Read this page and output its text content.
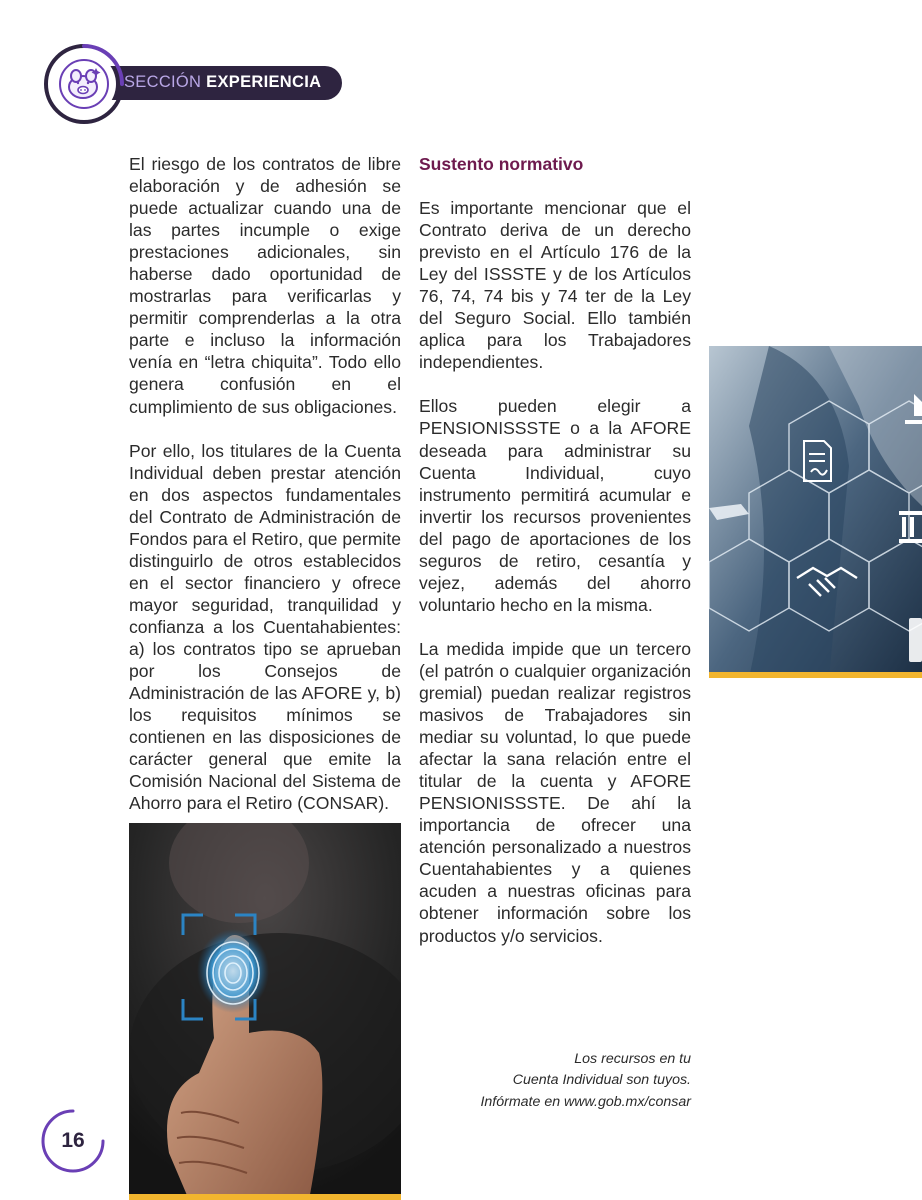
SECCIÓN EXPERIENCIA

El riesgo de los contratos de libre elaboración y de adhesión se puede actualizar cuando una de las partes incumple o exige prestaciones adicionales, sin haberse dado oportunidad de mostrarlas para verificarlas y permitir comprenderlas a la otra parte e incluso la información venía en “letra chiquita”. Todo ello genera confusión en el cumplimiento de sus obligaciones.

Por ello, los titulares de la Cuenta Individual deben prestar atención en dos aspectos fundamentales del Contrato de Administración de Fondos para el Retiro, que permite distinguirlo de otros establecidos en el sector financiero y ofrece mayor seguridad, tranquilidad y confianza a los Cuentahabientes: a) los contratos tipo se aprueban por los Consejos de Administración de las AFORE y, b) los requisitos mínimos se contienen en las disposiciones de carácter general que emite la Comisión Nacional del Sistema de Ahorro para el Retiro (CONSAR).

Sustento normativo

Es importante mencionar que el Contrato deriva de un derecho previsto en el Artículo 176 de la Ley del ISSSTE y de los Artículos 76, 74, 74 bis y 74 ter de la Ley del Seguro Social. Ello también aplica para los Trabajadores independientes.

Ellos pueden elegir a PENSIONISSSTE o a la AFORE deseada para administrar su Cuenta Individual, cuyo instrumento permitirá acumular e invertir los recursos provenientes del pago de aportaciones de los seguros de retiro, cesantía y vejez, además del ahorro voluntario hecho en la misma.

La medida impide que un tercero (el patrón o cualquier organización gremial) puedan realizar registros masivos de Trabajadores sin mediar su voluntad, lo que puede afectar la sana relación entre el titular de la cuenta y AFORE PENSIONISSSTE. De ahí la importancia de ofrecer una atención personalizado a nuestros Cuentahabientes y a quienes acuden a nuestras oficinas para obtener información sobre los productos y/o servicios.

Los recursos en tu
Cuenta Individual son tuyos.
Infórmate en www.gob.mx/consar
16
